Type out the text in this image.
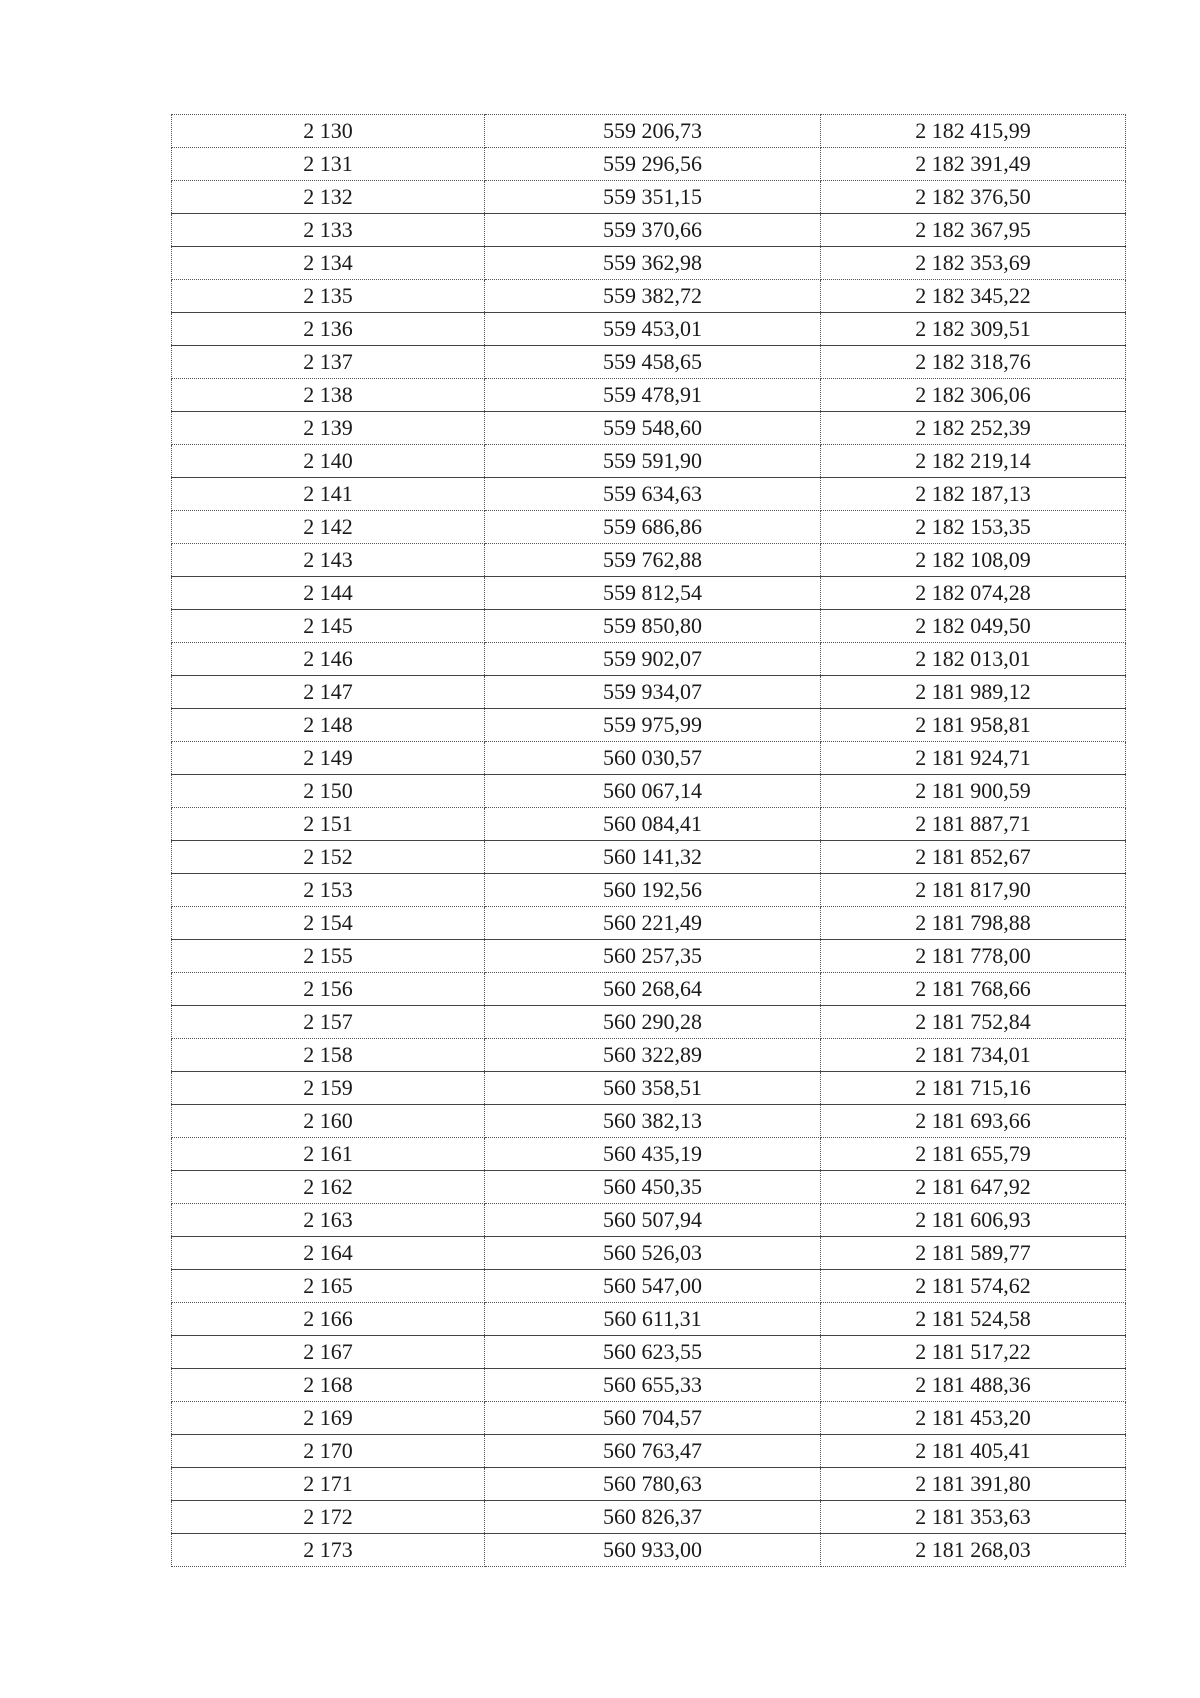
2 130	559 206,73	2 182 415,99
2 131	559 296,56	2 182 391,49
2 132	559 351,15	2 182 376,50
2 133	559 370,66	2 182 367,95
2 134	559 362,98	2 182 353,69
2 135	559 382,72	2 182 345,22
2 136	559 453,01	2 182 309,51
2 137	559 458,65	2 182 318,76
2 138	559 478,91	2 182 306,06
2 139	559 548,60	2 182 252,39
2 140	559 591,90	2 182 219,14
2 141	559 634,63	2 182 187,13
2 142	559 686,86	2 182 153,35
2 143	559 762,88	2 182 108,09
2 144	559 812,54	2 182 074,28
2 145	559 850,80	2 182 049,50
2 146	559 902,07	2 182 013,01
2 147	559 934,07	2 181 989,12
2 148	559 975,99	2 181 958,81
2 149	560 030,57	2 181 924,71
2 150	560 067,14	2 181 900,59
2 151	560 084,41	2 181 887,71
2 152	560 141,32	2 181 852,67
2 153	560 192,56	2 181 817,90
2 154	560 221,49	2 181 798,88
2 155	560 257,35	2 181 778,00
2 156	560 268,64	2 181 768,66
2 157	560 290,28	2 181 752,84
2 158	560 322,89	2 181 734,01
2 159	560 358,51	2 181 715,16
2 160	560 382,13	2 181 693,66
2 161	560 435,19	2 181 655,79
2 162	560 450,35	2 181 647,92
2 163	560 507,94	2 181 606,93
2 164	560 526,03	2 181 589,77
2 165	560 547,00	2 181 574,62
2 166	560 611,31	2 181 524,58
2 167	560 623,55	2 181 517,22
2 168	560 655,33	2 181 488,36
2 169	560 704,57	2 181 453,20
2 170	560 763,47	2 181 405,41
2 171	560 780,63	2 181 391,80
2 172	560 826,37	2 181 353,63
2 173	560 933,00	2 181 268,03
